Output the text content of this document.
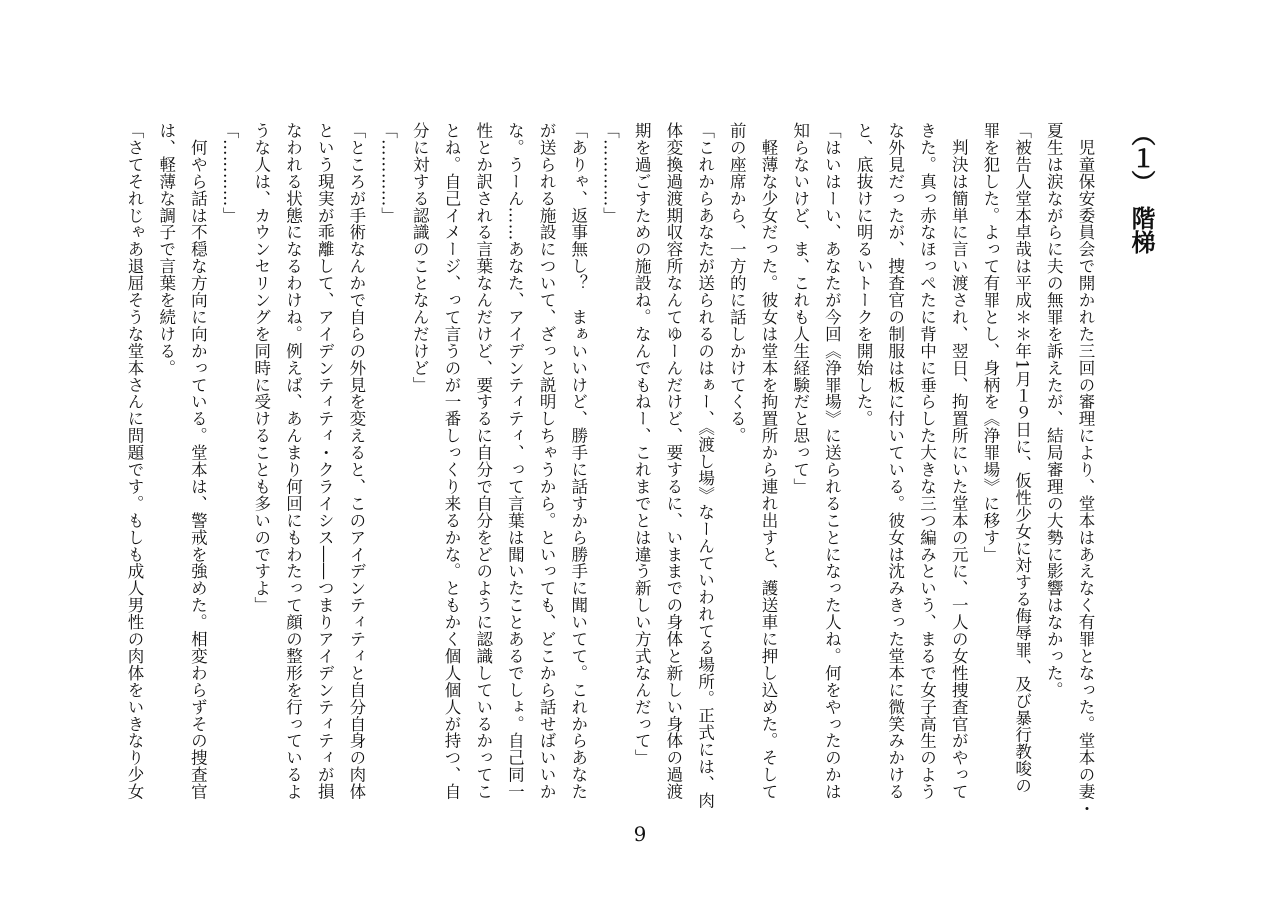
（１）　階梯
　児童保安委員会で開かれた三回の審理により、堂本はあえなく有罪となった。堂本の妻・
夏生は涙ながらに夫の無罪を訴えたが、結局審理の大勢に影響はなかった。
「被告人堂本卓哉は平成＊＊年1月１９日に、仮性少女に対する侮辱罪、及び暴行教唆の
罪を犯した。よって有罪とし、身柄を《浄罪場》に移す」
　判決は簡単に言い渡され、翌日、拘置所にいた堂本の元に、一人の女性捜査官がやって
きた。真っ赤なほっぺたに背中に垂らした大きな三つ編みという、まるで女子高生のよう
な外見だったが、捜査官の制服は板に付いている。彼女は沈みきった堂本に微笑みかける
と、底抜けに明るいトークを開始した。
「はいはーい、あなたが今回《浄罪場》に送られることになった人ね。何をやったのかは
知らないけど、ま、これも人生経験だと思って」
　軽薄な少女だった。彼女は堂本を拘置所から連れ出すと、護送車に押し込めた。そして
前の座席から、一方的に話しかけてくる。
「これからあなたが送られるのはぁー、《渡し場》なーんていわれてる場所。正式には、肉
体変換過渡期収容所なんてゆーんだけど、要するに、いままでの身体と新しい身体の過渡
期を過ごすための施設ね。なんでもねー、これまでとは違う新しい方式なんだって」
「…………」
「ありゃ、返事無し？　まぁいいけど、勝手に話すから勝手に聞いてて。これからあなた
が送られる施設について、ざっと説明しちゃうから。といっても、どこから話せばいいか
な。うーん……あなた、アイデンティティ、って言葉は聞いたことあるでしょ。自己同一
性とか訳される言葉なんだけど、要するに自分で自分をどのように認識しているかってこ
とね。自己イメージ、って言うのが一番しっくり来るかな。ともかく個人個人が持つ、自
分に対する認識のことなんだけど」
「…………」
「ところが手術なんかで自らの外見を変えると、このアイデンティティと自分自身の肉体
という現実が乖離して、アイデンティティ・クライシス――つまりアイデンティティが損
なわれる状態になるわけね。例えば、あんまり何回にもわたって顔の整形を行っているよ
うな人は、カウンセリングを同時に受けることも多いのですよ」
「…………」
　何やら話は不穏な方向に向かっている。堂本は、警戒を強めた。相変わらずその捜査官
は、軽薄な調子で言葉を続ける。
「さてそれじゃあ退屈そうな堂本さんに問題です。もしも成人男性の肉体をいきなり少女
9
